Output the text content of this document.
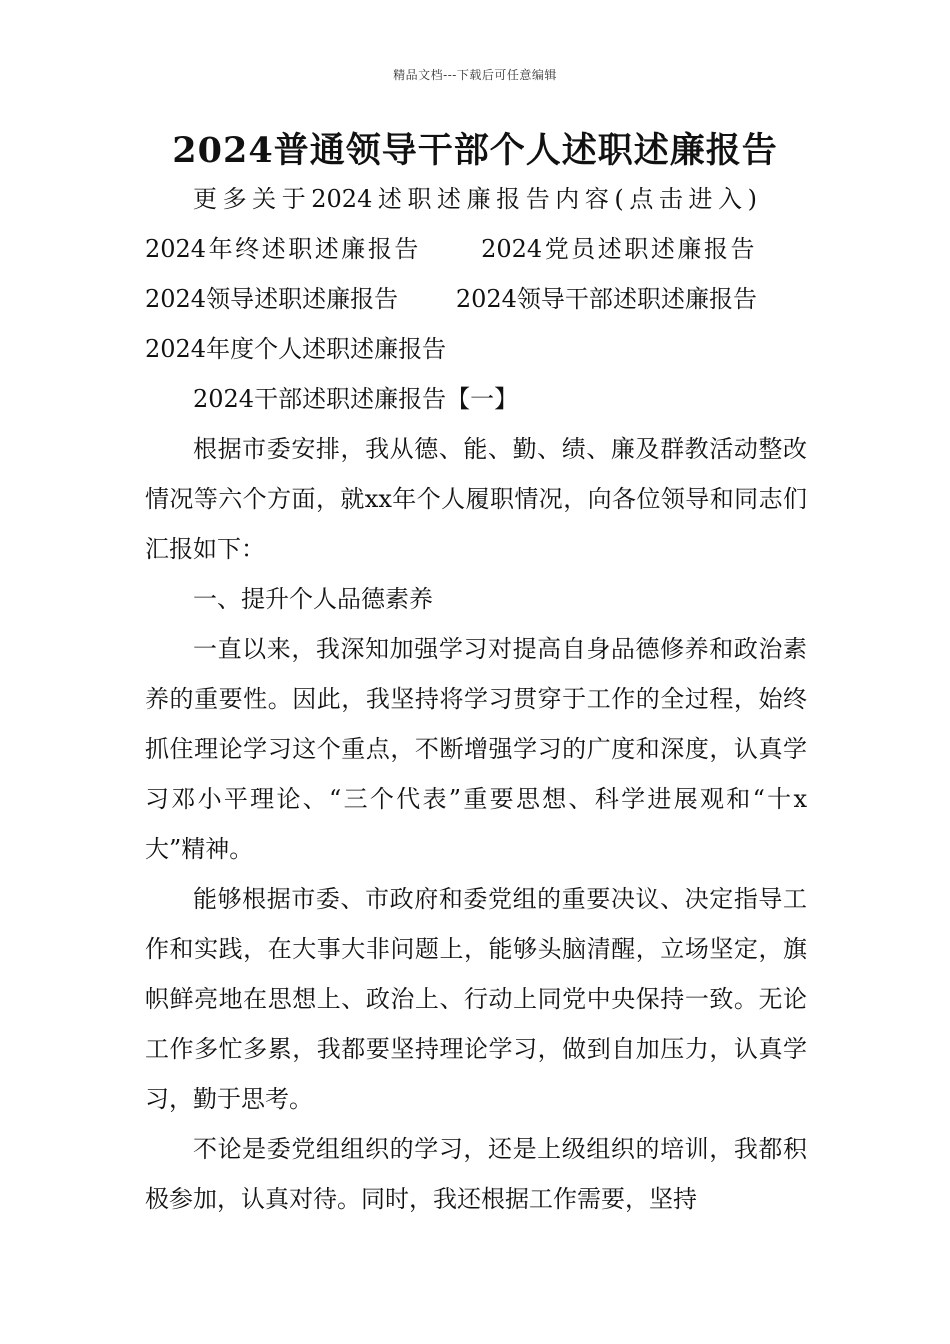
精品文档---下载后可任意编辑
2024普通领导干部个人述职述廉报告

更多关于2024述职述廉报告内容(点击进入) 2024年终述职述廉报告	2024党员述职述廉报告 2024领导述职述廉报告 2024领导干部述职述廉报告 2024年度个人述职述廉报告

2024干部述职述廉报告【一】

根据市委安排，我从德、能、勤、绩、廉及群教活动整改情况等六个方面，就xx年个人履职情况，向各位领导和同志们汇报如下：

一、提升个人品德素养

一直以来，我深知加强学习对提高自身品德修养和政治素养的重要性。因此，我坚持将学习贯穿于工作的全过程，始终抓住理论学习这个重点，不断增强学习的广度和深度，认真学习邓小平理论、“三个代表”重要思想、科学进展观和“十x大”精神。

能够根据市委、市政府和委党组的重要决议、决定指导工作和实践，在大事大非问题上，能够头脑清醒，立场坚定，旗帜鲜亮地在思想上、政治上、行动上同党中央保持一致。无论工作多忙多累，我都要坚持理论学习，做到自加压力，认真学习，勤于思考。

不论是委党组组织的学习，还是上级组织的培训，我都积极参加，认真对待。同时，我还根据工作需要，坚持
